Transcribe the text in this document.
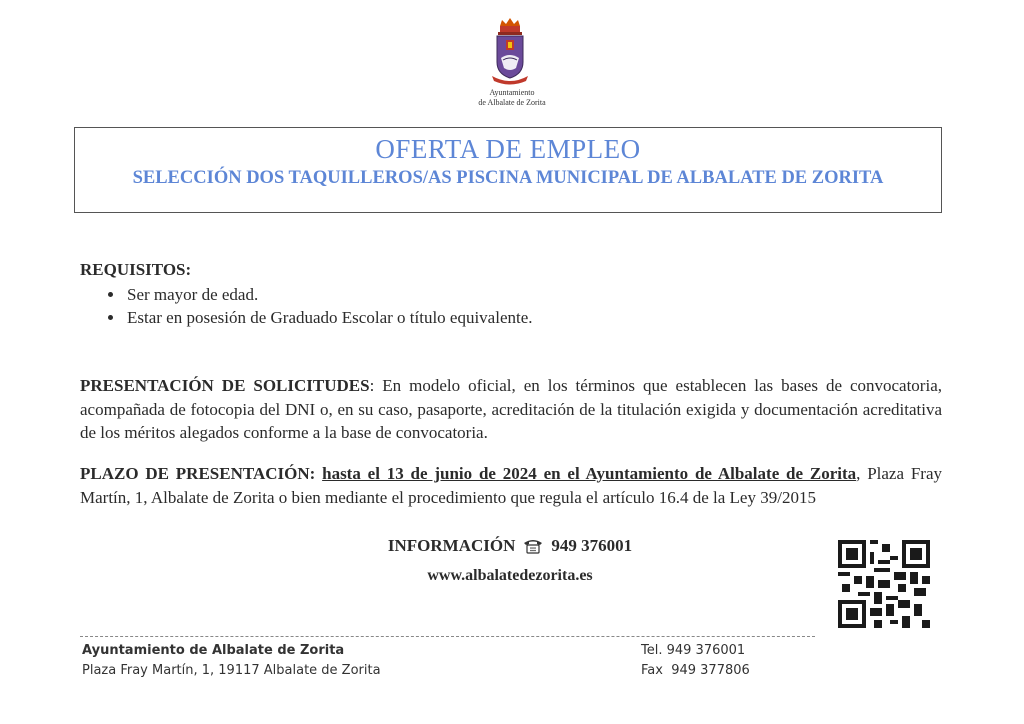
Ayuntamiento
de Albalate de Zorita
OFERTA DE EMPLEO
SELECCIÓN DOS TAQUILLEROS/AS PISCINA MUNICIPAL DE ALBALATE DE ZORITA
REQUISITOS:
• Ser mayor de edad.
• Estar en posesión de Graduado Escolar o título equivalente.
PRESENTACIÓN DE SOLICITUDES: En modelo oficial, en los términos que establecen las bases de convocatoria, acompañada de fotocopia del DNI o, en su caso, pasaporte, acreditación de la titulación exigida y documentación acreditativa de los méritos alegados conforme a la base de convocatoria.
PLAZO DE PRESENTACIÓN: hasta el 13 de junio de 2024 en el Ayuntamiento de Albalate de Zorita, Plaza Fray Martín, 1, Albalate de Zorita o bien mediante el procedimiento que regula el artículo 16.4 de la Ley 39/2015
INFORMACIÓN 949 376001
www.albalatedezorita.es
Ayuntamiento de Albalate de Zorita
Plaza Fray Martín, 1, 19117 Albalate de Zorita
Tel. 949 376001
Fax  949 377806
